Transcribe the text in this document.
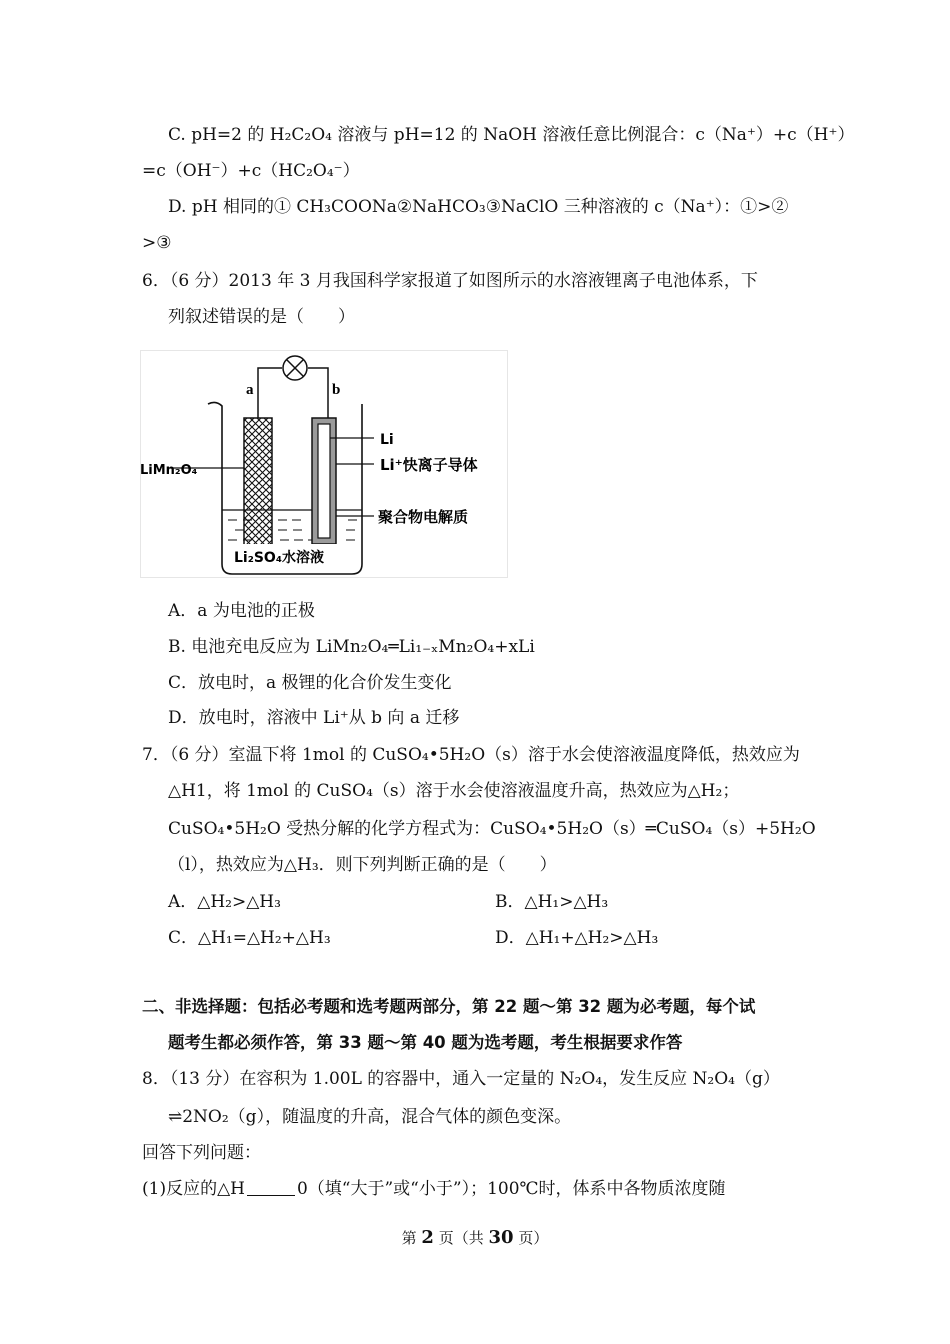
C. pH=2 的 H₂C₂O₄ 溶液与 pH=12 的 NaOH 溶液任意比例混合：c（Na⁺）+c（H⁺）
=c（OH⁻）+c（HC₂O₄⁻）
D. pH 相同的① CH₃COONa②NaHCO₃③NaClO 三种溶液的 c（Na⁺）：①>②
>③
6．（6 分）2013 年 3 月我国科学家报道了如图所示的水溶液锂离子电池体系，下
列叙述错误的是（　　）
a	b
LiMn₂O₄
Li
Li⁺快离子导体
聚合物电解质
Li₂SO₄水溶液
A．a 为电池的正极
B. 电池充电反应为 LiMn₂O₄═Li₁₋ₓMn₂O₄+xLi
C．放电时，a 极锂的化合价发生变化
D．放电时，溶液中 Li⁺从 b 向 a 迁移
7．（6 分）室温下将 1mol 的 CuSO₄•5H₂O（s）溶于水会使溶液温度降低，热效应为
△H1，将 1mol 的 CuSO₄（s）溶于水会使溶液温度升高，热效应为△H₂；
CuSO₄•5H₂O 受热分解的化学方程式为：CuSO₄•5H₂O（s）═CuSO₄（s）+5H₂O
（l），热效应为△H₃．则下列判断正确的是（　　）
A．△H₂>△H₃	B．△H₁>△H₃
C．△H₁=△H₂+△H₃	D．△H₁+△H₂>△H₃
二、非选择题：包括必考题和选考题两部分，第 22 题～第 32 题为必考题，每个试
题考生都必须作答，第 33 题～第 40 题为选考题，考生根据要求作答
8．（13 分）在容积为 1.00L 的容器中，通入一定量的 N₂O₄，发生反应 N₂O₄（g）
⇌2NO₂（g），随温度的升高，混合气体的颜色变深。
回答下列问题：
(1)反应的△H	0（填“大于”或“小于”）；100℃时，体系中各物质浓度随
第 2 页（共 30 页）
